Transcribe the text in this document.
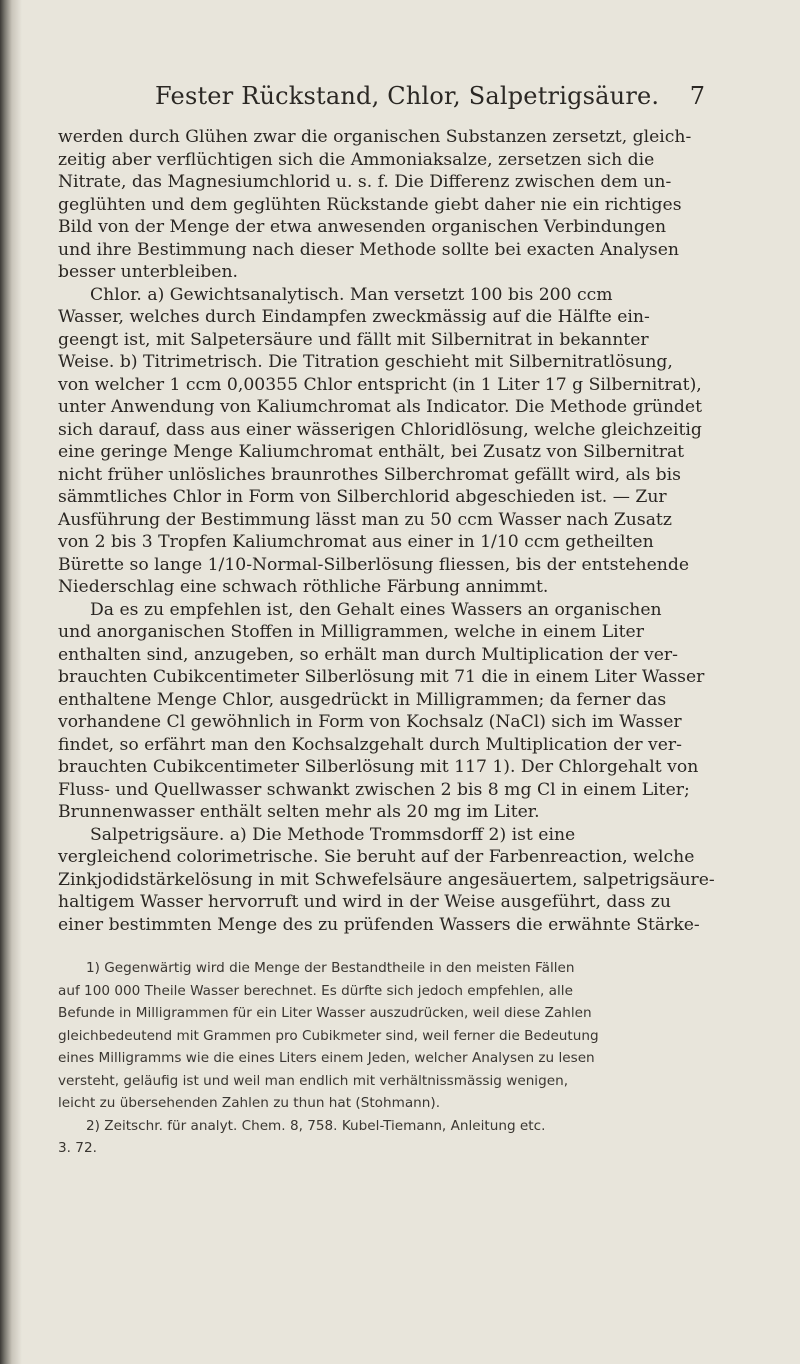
Fester Rückstand, Chlor, Salpetrigsäure. 7
werden durch Glühen zwar die organischen Substanzen zersetzt, gleich-
zeitig aber verflüchtigen sich die Ammoniaksalze, zersetzen sich die
Nitrate, das Magnesiumchlorid u. s. f. Die Differenz zwischen dem un-
geglühten und dem geglühten Rückstande giebt daher nie ein richtiges
Bild von der Menge der etwa anwesenden organischen Verbindungen
und ihre Bestimmung nach dieser Methode sollte bei exacten Analysen
besser unterbleiben.
Chlor. a) Gewichtsanalytisch. Man versetzt 100 bis 200 ccm
Wasser, welches durch Eindampfen zweckmässig auf die Hälfte ein-
geengt ist, mit Salpetersäure und fällt mit Silbernitrat in bekannter
Weise. b) Titrimetrisch. Die Titration geschieht mit Silbernitratlösung,
von welcher 1 ccm 0,00355 Chlor entspricht (in 1 Liter 17 g Silbernitrat),
unter Anwendung von Kaliumchromat als Indicator. Die Methode gründet
sich darauf, dass aus einer wässerigen Chloridlösung, welche gleichzeitig
eine geringe Menge Kaliumchromat enthält, bei Zusatz von Silbernitrat
nicht früher unlösliches braunrothes Silberchromat gefällt wird, als bis
sämmtliches Chlor in Form von Silberchlorid abgeschieden ist. — Zur
Ausführung der Bestimmung lässt man zu 50 ccm Wasser nach Zusatz
von 2 bis 3 Tropfen Kaliumchromat aus einer in 1/10 ccm getheilten
Bürette so lange 1/10-Normal-Silberlösung fliessen, bis der entstehende
Niederschlag eine schwach röthliche Färbung annimmt.
Da es zu empfehlen ist, den Gehalt eines Wassers an organischen
und anorganischen Stoffen in Milligrammen, welche in einem Liter
enthalten sind, anzugeben, so erhält man durch Multiplication der ver-
brauchten Cubikcentimeter Silberlösung mit 71 die in einem Liter Wasser
enthaltene Menge Chlor, ausgedrückt in Milligrammen; da ferner das
vorhandene Cl gewöhnlich in Form von Kochsalz (NaCl) sich im Wasser
findet, so erfährt man den Kochsalzgehalt durch Multiplication der ver-
brauchten Cubikcentimeter Silberlösung mit 117 1). Der Chlorgehalt von
Fluss- und Quellwasser schwankt zwischen 2 bis 8 mg Cl in einem Liter;
Brunnenwasser enthält selten mehr als 20 mg im Liter.
Salpetrigsäure. a) Die Methode Trommsdorff 2) ist eine
vergleichend colorimetrische. Sie beruht auf der Farbenreaction, welche
Zinkjodidstärkelösung in mit Schwefelsäure angesäuertem, salpetrigsäure-
haltigem Wasser hervorruft und wird in der Weise ausgeführt, dass zu
einer bestimmten Menge des zu prüfenden Wassers die erwähnte Stärke-
1) Gegenwärtig wird die Menge der Bestandtheile in den meisten Fällen
auf 100 000 Theile Wasser berechnet. Es dürfte sich jedoch empfehlen, alle
Befunde in Milligrammen für ein Liter Wasser auszudrücken, weil diese Zahlen
gleichbedeutend mit Grammen pro Cubikmeter sind, weil ferner die Bedeutung
eines Milligramms wie die eines Liters einem Jeden, welcher Analysen zu lesen
versteht, geläufig ist und weil man endlich mit verhältnissmässig wenigen,
leicht zu übersehenden Zahlen zu thun hat (Stohmann).
2) Zeitschr. für analyt. Chem. 8, 758. Kubel-Tiemann, Anleitung etc.
3. 72.
